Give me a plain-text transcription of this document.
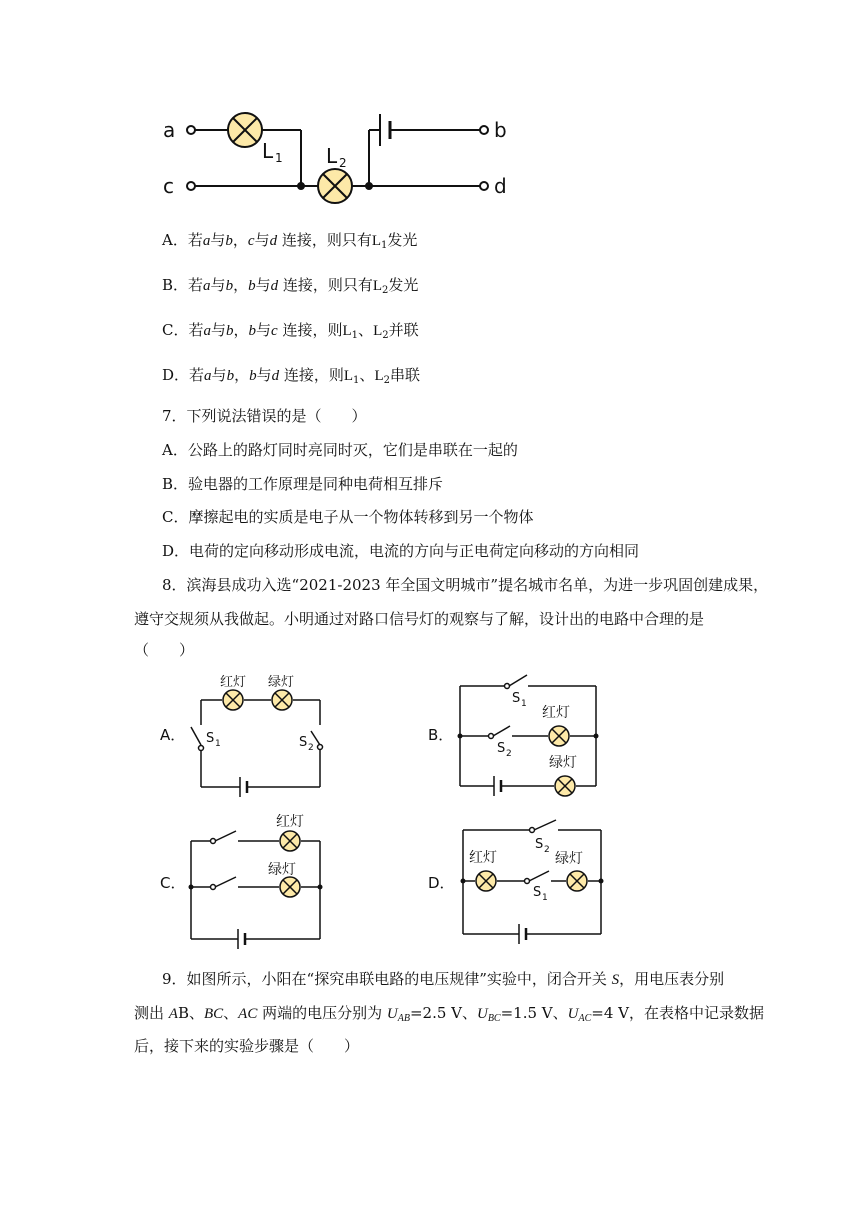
a
c
b
d
L 1 L 2
A．若a与b，c与d 连接，则只有$L_1$发光
B．若a与b，b与d 连接，则只有$L_2$发光
C．若a与b，b与c 连接，则$L_1$、$L_2$并联
D．若a与b，b与d 连接，则$L_1$、$L_2$串联
7．下列说法错误的是（　　）
A．公路上的路灯同时亮同时灭，它们是串联在一起的
B．验电器的工作原理是同种电荷相互排斥
C．摩擦起电的实质是电子从一个物体转移到另一个物体
D．电荷的定向移动形成电流，电流的方向与正电荷定向移动的方向相同
8．滨海县成功入选“2021-2023 年全国文明城市”提名城市名单，为进一步巩固创建成果，
遵守交规须从我做起。小明通过对路口信号灯的观察与了解，设计出的电路中合理的是
（　　）
红灯 绿灯
S 1	S 2
A．
S 1
S 2
红灯
绿灯
B．
红灯
绿灯
C．
红灯	绿灯
S 2
S 1
D．
9．如图所示，小阳在“探究串联电路的电压规律”实验中，闭合开关 S，用电压表分别
测出 AB、BC、AC 两端的电压分别为 $U_{AB}=2.5$ V、$U_{BC}=1.5$ V、$U_{AC}=4$ V，在表格中记录数据
后，接下来的实验步骤是（　　）
